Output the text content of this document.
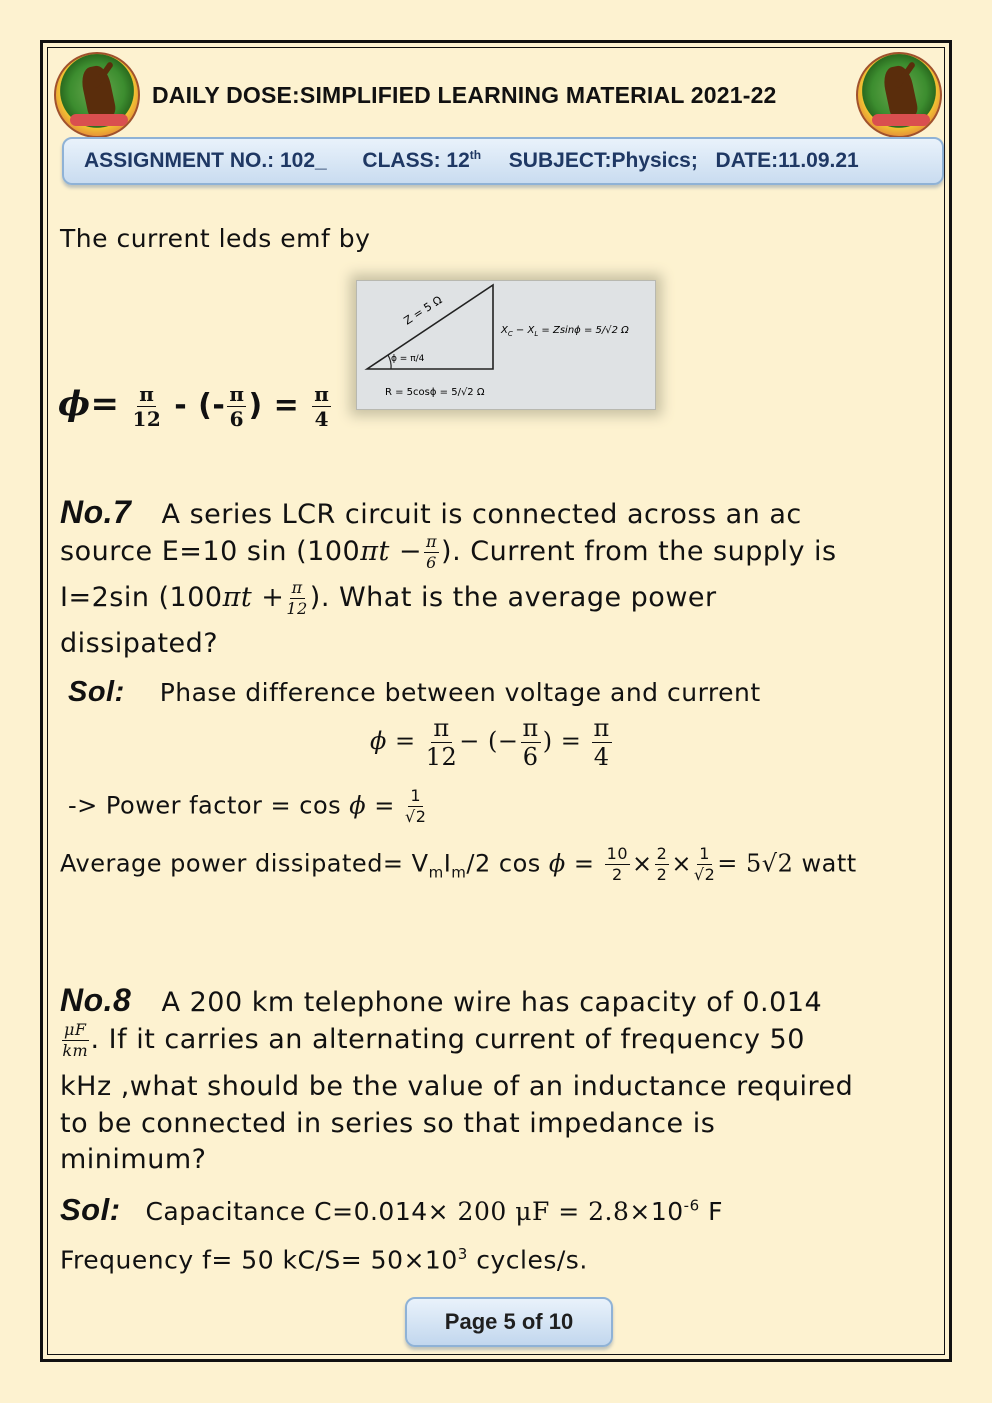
DAILY DOSE:SIMPLIFIED LEARNING MATERIAL 2021-22
ASSIGNMENT NO.: 102_ CLASS: 12th SUBJECT:Physics; DATE:11.09.21
The current leds emf by
$\phi= \frac{\pi}{12}$ - (- $\frac{\pi}{6}$ ) = $\frac{\pi}{4}$
Z = 5 Ω
ϕ = π/4
$X_C - X_L = Zsin\phi = 5/√2$ Ω
R = 5cosϕ = 5/√2 Ω
No.7 A series LCR circuit is connected across an ac
source E=10 $\sin (100\pi t - \frac{\pi}{6}$ ). Current from the supply is
I=2sin ($100\pi t + \frac{\pi}{12}$ ). What is the average power
dissipated?
Sol: Phase difference between voltage and current
$\phi = \frac{\pi}{12}$ − (− $\frac{\pi}{6}$ ) = $\frac{\pi}{4}$
-> Power factor = $\cos \phi = \frac{1}{√2}$
Average power dissipated= $V_mI_m/2$ $\cos \phi = \frac{10}{2} \times \frac{2}{2} \times \frac{1}{√2} = 5√2$ watt
No.8 A 200 km telephone wire has capacity of 0.014
$\frac{\mu F}{km}$ . If it carries an alternating current of frequency 50
kHz ,what should be the value of an inductance required
to be connected in series so that impedance is
minimum?
Sol: Capacitance C=0.014× 200 $\mu F = 2.8\times 10^{-6}$ F
Frequency f= 50 $kC/S= 50\times 10^3$ cycles/s.
Page 5 of 10
